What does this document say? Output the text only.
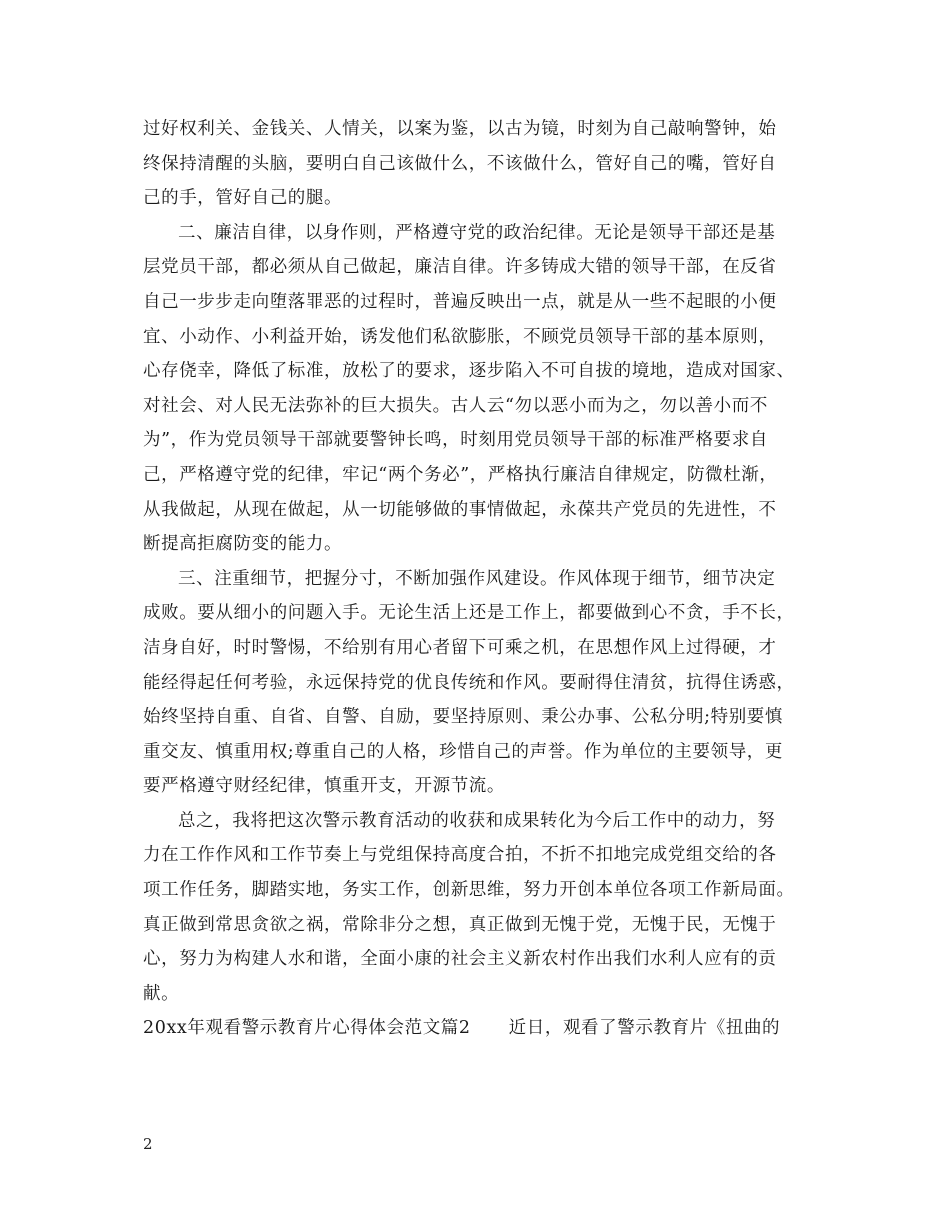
过好权利关、金钱关、人情关，以案为鉴，以古为镜，时刻为自己敲响警钟，始
终保持清醒的头脑，要明白自己该做什么，不该做什么，管好自己的嘴，管好自
己的手，管好自己的腿。
二、廉洁自律，以身作则，严格遵守党的政治纪律。无论是领导干部还是基
层党员干部，都必须从自己做起，廉洁自律。许多铸成大错的领导干部，在反省
自己一步步走向堕落罪恶的过程时，普遍反映出一点，就是从一些不起眼的小便
宜、小动作、小利益开始，诱发他们私欲膨胀，不顾党员领导干部的基本原则，
心存侥幸，降低了标准，放松了的要求，逐步陷入不可自拔的境地，造成对国家、
对社会、对人民无法弥补的巨大损失。古人云“勿以恶小而为之，勿以善小而不
为”，作为党员领导干部就要警钟长鸣，时刻用党员领导干部的标准严格要求自
己，严格遵守党的纪律，牢记“两个务必”，严格执行廉洁自律规定，防微杜渐，
从我做起，从现在做起，从一切能够做的事情做起，永葆共产党员的先进性，不
断提高拒腐防变的能力。
三、注重细节，把握分寸，不断加强作风建设。作风体现于细节，细节决定
成败。要从细小的问题入手。无论生活上还是工作上，都要做到心不贪，手不长，
洁身自好，时时警惕，不给别有用心者留下可乘之机，在思想作风上过得硬，才
能经得起任何考验，永远保持党的优良传统和作风。要耐得住清贫，抗得住诱惑，
始终坚持自重、自省、自警、自励，要坚持原则、秉公办事、公私分明;特别要慎
重交友、慎重用权;尊重自己的人格，珍惜自己的声誉。作为单位的主要领导，更
要严格遵守财经纪律，慎重开支，开源节流。
总之，我将把这次警示教育活动的收获和成果转化为今后工作中的动力，努
力在工作作风和工作节奏上与党组保持高度合拍，不折不扣地完成党组交给的各
项工作任务，脚踏实地，务实工作，创新思维，努力开创本单位各项工作新局面。
真正做到常思贪欲之祸，常除非分之想，真正做到无愧于党，无愧于民，无愧于
心，努力为构建人水和谐，全面小康的社会主义新农村作出我们水利人应有的贡
献。
20xx年观看警示教育片心得体会范文篇2 近日，观看了警示教育片《扭曲的
2
